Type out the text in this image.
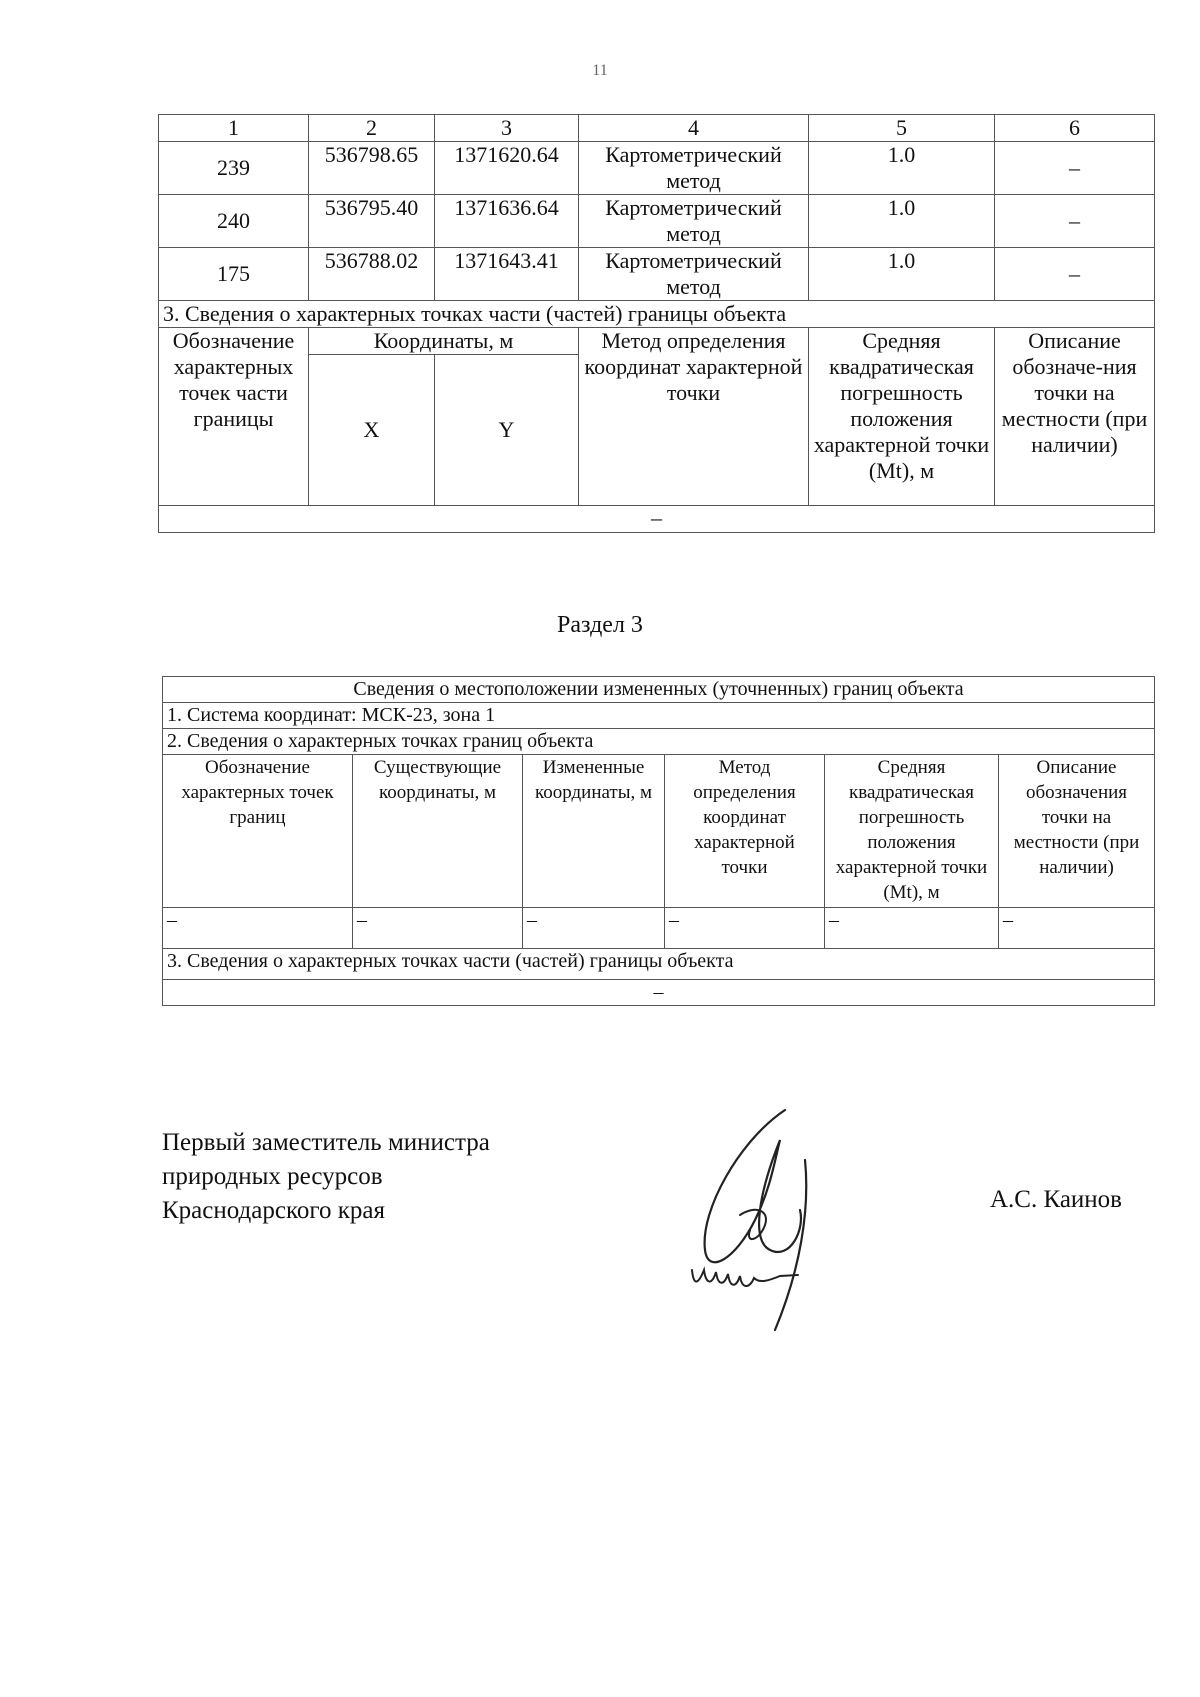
11
1	2	3	4	5	6
239	536798.65	1371620.64	Картометрический метод	1.0	–
240	536795.40	1371636.64	Картометрический метод	1.0	–
175	536788.02	1371643.41	Картометрический метод	1.0	–
3. Сведения о характерных точках части (частей) границы объекта					
Обозначение характерных точек части границы	Координаты, м		Метод определения координат характерной точки	Средняя квадратическая погрешность положения характерной точки (Mt), м	Описание обозначе-ния точки на местности (при наличии)
	X	Y			
–					
Раздел 3
Сведения о местоположении измененных (уточненных) границ объекта					
1. Система координат: МСК-23, зона 1					
2. Сведения о характерных точках границ объекта					
Обозначение характерных точек границ	Существующие координаты, м	Измененные координаты, м	Метод определения координат характерной точки	Средняя квадратическая погрешность положения характерной точки (Mt), м	Описание обозначения точки на местности (при наличии)
–	–	–	–	–	–
3. Сведения о характерных точках части (частей) границы объекта					
–					
Первый заместитель министра
природных ресурсов
Краснодарского края	А.С. Каинов
